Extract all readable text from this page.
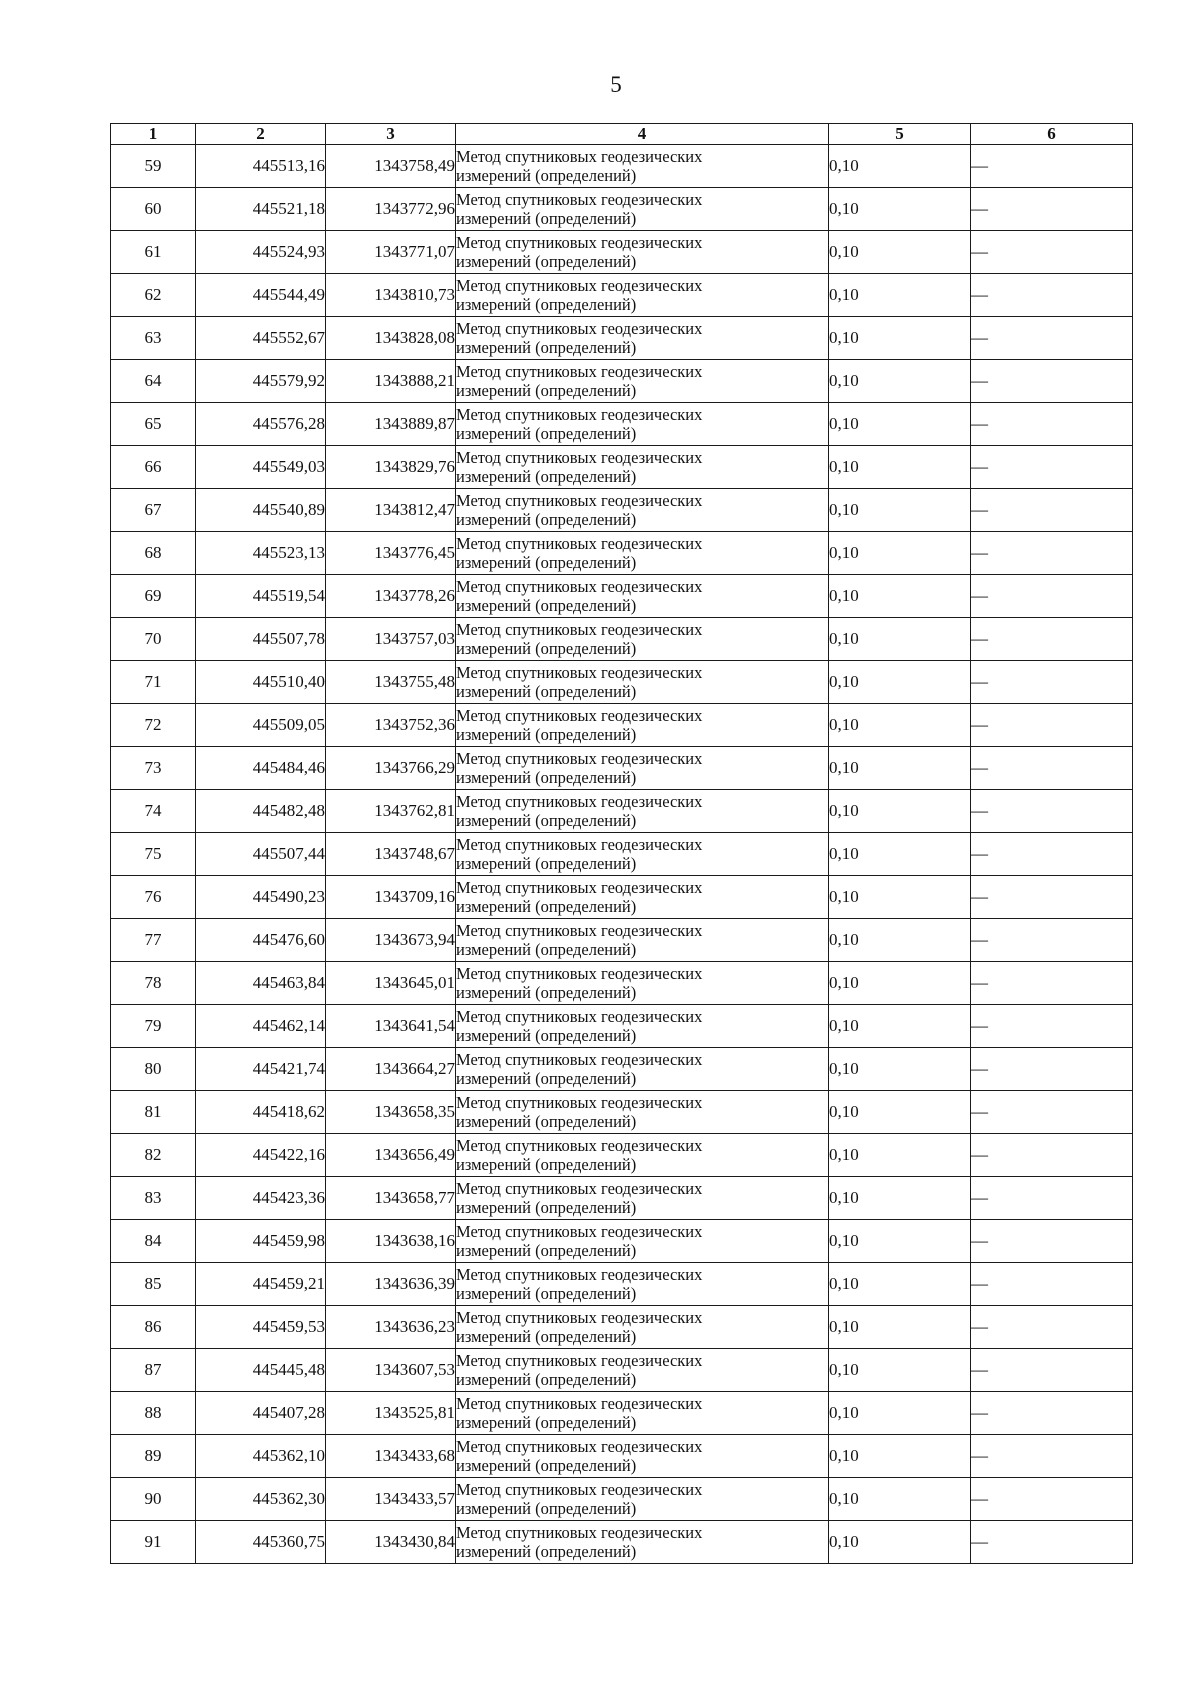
5
1	2	3	4	5	6
59	445513,16	1343758,49	Метод спутниковых геодезических
измерений (определений)	0,10	—
60	445521,18	1343772,96	Метод спутниковых геодезических
измерений (определений)	0,10	—
61	445524,93	1343771,07	Метод спутниковых геодезических
измерений (определений)	0,10	—
62	445544,49	1343810,73	Метод спутниковых геодезических
измерений (определений)	0,10	—
63	445552,67	1343828,08	Метод спутниковых геодезических
измерений (определений)	0,10	—
64	445579,92	1343888,21	Метод спутниковых геодезических
измерений (определений)	0,10	—
65	445576,28	1343889,87	Метод спутниковых геодезических
измерений (определений)	0,10	—
66	445549,03	1343829,76	Метод спутниковых геодезических
измерений (определений)	0,10	—
67	445540,89	1343812,47	Метод спутниковых геодезических
измерений (определений)	0,10	—
68	445523,13	1343776,45	Метод спутниковых геодезических
измерений (определений)	0,10	—
69	445519,54	1343778,26	Метод спутниковых геодезических
измерений (определений)	0,10	—
70	445507,78	1343757,03	Метод спутниковых геодезических
измерений (определений)	0,10	—
71	445510,40	1343755,48	Метод спутниковых геодезических
измерений (определений)	0,10	—
72	445509,05	1343752,36	Метод спутниковых геодезических
измерений (определений)	0,10	—
73	445484,46	1343766,29	Метод спутниковых геодезических
измерений (определений)	0,10	—
74	445482,48	1343762,81	Метод спутниковых геодезических
измерений (определений)	0,10	—
75	445507,44	1343748,67	Метод спутниковых геодезических
измерений (определений)	0,10	—
76	445490,23	1343709,16	Метод спутниковых геодезических
измерений (определений)	0,10	—
77	445476,60	1343673,94	Метод спутниковых геодезических
измерений (определений)	0,10	—
78	445463,84	1343645,01	Метод спутниковых геодезических
измерений (определений)	0,10	—
79	445462,14	1343641,54	Метод спутниковых геодезических
измерений (определений)	0,10	—
80	445421,74	1343664,27	Метод спутниковых геодезических
измерений (определений)	0,10	—
81	445418,62	1343658,35	Метод спутниковых геодезических
измерений (определений)	0,10	—
82	445422,16	1343656,49	Метод спутниковых геодезических
измерений (определений)	0,10	—
83	445423,36	1343658,77	Метод спутниковых геодезических
измерений (определений)	0,10	—
84	445459,98	1343638,16	Метод спутниковых геодезических
измерений (определений)	0,10	—
85	445459,21	1343636,39	Метод спутниковых геодезических
измерений (определений)	0,10	—
86	445459,53	1343636,23	Метод спутниковых геодезических
измерений (определений)	0,10	—
87	445445,48	1343607,53	Метод спутниковых геодезических
измерений (определений)	0,10	—
88	445407,28	1343525,81	Метод спутниковых геодезических
измерений (определений)	0,10	—
89	445362,10	1343433,68	Метод спутниковых геодезических
измерений (определений)	0,10	—
90	445362,30	1343433,57	Метод спутниковых геодезических
измерений (определений)	0,10	—
91	445360,75	1343430,84	Метод спутниковых геодезических
измерений (определений)	0,10	—
